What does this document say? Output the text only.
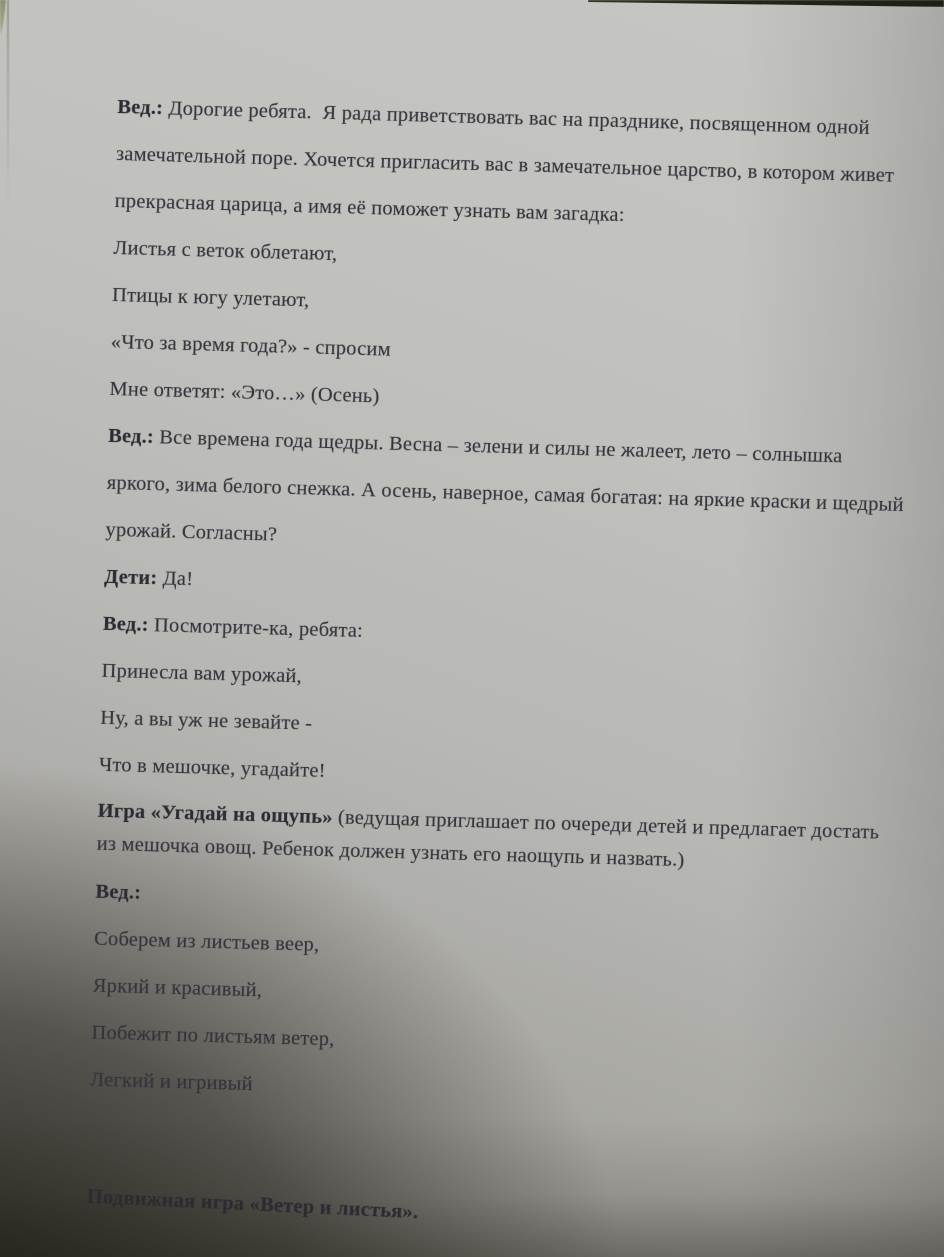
Вед.: Дорогие ребята.  Я рада приветствовать вас на празднике, посвященном одной замечательной поре. Хочется пригласить вас в замечательное царство, в котором живет прекрасная царица, а имя её поможет узнать вам загадка:

Листья с веток облетают,

Птицы к югу улетают,

«Что за время года?» - спросим

Мне ответят: «Это…» (Осень)

Вед.: Все времена года щедры. Весна – зелени и силы не жалеет, лето – солнышка яркого, зима белого снежка. А осень, наверное, самая богатая: на яркие краски и щедрый урожай. Согласны?

Дети: Да!

Вед.: Посмотрите-ка, ребята:

Принесла вам урожай,

Ну, а вы уж не зевайте -

Что в мешочке, угадайте!

Игра «Угадай на ощупь» (ведущая приглашает по очереди детей и предлагает достать из мешочка овощ. Ребенок должен узнать его наощупь и назвать.)

Вед.:

Соберем из листьев веер,

Яркий и красивый,

Побежит по листьям ветер,

Легкий и игривый

Подвижная игра «Ветер и листья».
